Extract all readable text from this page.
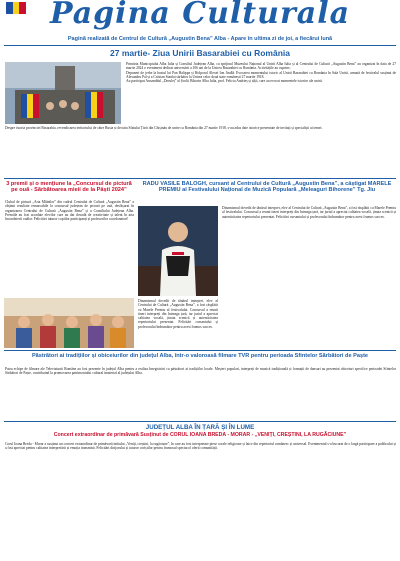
Pagina Culturala
Pagină realizată de Centrul de Cultură „Augustin Bena” Alba - Apare în ultima zi de joi, a fiecărui lună
27 martie- Ziua Unirii Basarabiei cu România

Primăria Municipiului Alba Iulia și Consiliul Județean Alba, cu sprijinul Muzeului Național al Unirii Alba Iulia și al Centrului de Cultură „Augustin Bena” au organizat în data de 27 martie 2024 o eveniment dedicat aniversării a 106 ani de la Unirea Basarabiei cu România. Activitățile au cuprins:

Depuneri de jerbe la bustul lui Pan Halippa și Holporul Alexei Ion Jindlă. Evocarea momentului istoric al Unirii Basarabiei cu România în Sala Unirii, urmată de festivalul susținut de Alexandru Pal și a Cristian Stanlai sărbător la Unirea celor două state românești 27 martie 1918.

Au participat Ansamblul „Doruleț” al Școlii Bihorin Alba Iulia, prof. Felicia Andrieș și alții, care au evocat momentele istorice ale unirii.

Despre istoria provinciei Basarabia, revendicarea teritoriului de către Rusia și decizia Sfatului Țării din Chișinău de unire cu România din 27 martie 1918, s-au adus date istorice prezentate de invitați și specialiști ai temei.

3 premii și o mențiune la „Concursul de pictură pe ouă - Sărbătoarea mieii de la Pâști 2024”

Clubul de pictură „Arta Mâinilor” din cadrul Centrului de Cultură „Augustin Bena” a obținut rezultate remarcabile la concursul județean de pictură pe ouă, desfășurat în organizarea Centrului de Cultură „Augustin Bena” și a Consiliului Județean Alba. Premiile au fost acordate elevilor care au dat dovadă de creativitate și talent în arta încondeierii ouălor. Felicitări tuturor copiilor participanți și profesorilor coordonatori!

RADU VASILE BALOGH, cursant al Centrului de Cultură „Augustin Bena”, a câștigat MARELE PREMIU al Festivalului Național de Muzică Populară „Meleaguri Bihorene” Tg. Jiu

Dinamismul dovedit de tânărul interpret, elev al Centrului de Cultură „Augustin Bena”, a fost răsplătit cu Marele Premiu al festivalului. Concursul a reunit tineri interpreți din întreaga țară, iar juriul a apreciat calitatea vocală, ținuta scenică și autenticitatea repertoriului prezentat. Felicitări cursantului și profesorului îndrumător pentru acest frumos succes.

Dinamismul dovedit de tânărul interpret, elev al Centrului de Cultură „Augustin Bena”, a fost răsplătit cu Marele Premiu al festivalului. Concursul a reunit tineri interpreți din întreaga țară, iar juriul a apreciat calitatea vocală, ținuta scenică și autenticitatea repertoriului prezentat. Felicitări cursantului și profesorului îndrumător pentru acest frumos succes.

Păstrători ai tradițiilor și obiceiurilor din județul Alba, într-o valoroasă filmare TVR pentru perioada Sfintelor Sărbători de Paște

Patru echipe de filmare ale Televiziunii Române au fost prezente în județul Alba pentru a realiza înregistrări cu păstrători ai tradițiilor locale. Meșteri populari, interpreți de muzică tradițională și formații de dansuri au prezentat obiceiuri specifice perioadei Sfintelor Sărbători de Paște, contribuind la promovarea patrimoniului cultural imaterial al județului Alba.

JUDEȚUL ALBA ÎN ȚARĂ ȘI ÎN LUME
Concert extraordinar de primăvară Susținut de CORUL IOANA BREDA - MORAR - „VENIȚI, CREȘTINI, LA RUGĂCIUNE”

Corul Ioana Breda - Morar a susținut un concert extraordinar de primăvară intitulat „Veniți, creștini, la rugăciune”, în care au fost interpretate piese corale religioase și laice din repertoriul românesc și universal. Evenimentul s-a bucurat de o largă participare a publicului și a fost apreciat pentru calitatea interpretării și emoția transmisă. Felicitări dirijorului și tuturor coriștilor pentru frumosul spectacol oferit comunității.
